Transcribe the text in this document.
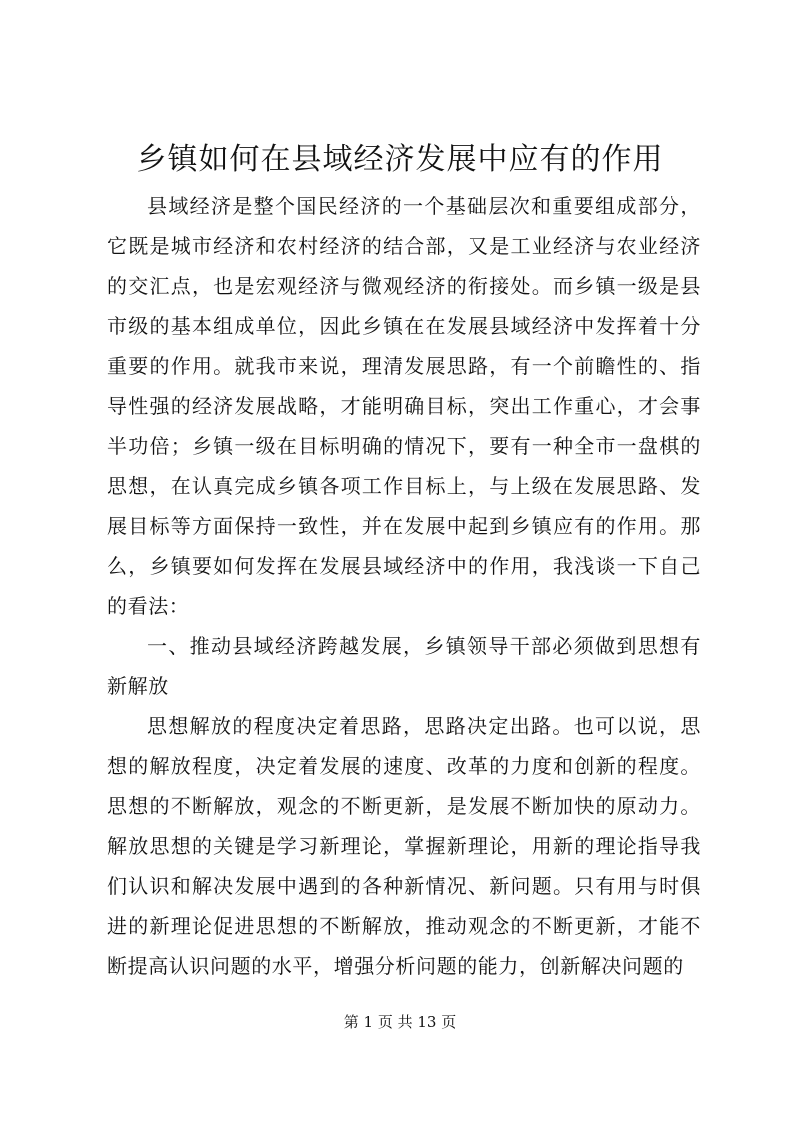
乡镇如何在县域经济发展中应有的作用

县域经济是整个国民经济的一个基础层次和重要组成部分，它既是城市经济和农村经济的结合部，又是工业经济与农业经济的交汇点，也是宏观经济与微观经济的衔接处。而乡镇一级是县市级的基本组成单位，因此乡镇在在发展县域经济中发挥着十分重要的作用。就我市来说，理清发展思路，有一个前瞻性的、指导性强的经济发展战略，才能明确目标，突出工作重心，才会事半功倍；乡镇一级在目标明确的情况下，要有一种全市一盘棋的思想，在认真完成乡镇各项工作目标上，与上级在发展思路、发展目标等方面保持一致性，并在发展中起到乡镇应有的作用。那么，乡镇要如何发挥在发展县域经济中的作用，我浅谈一下自己的看法：

一、推动县域经济跨越发展，乡镇领导干部必须做到思想有新解放

思想解放的程度决定着思路，思路决定出路。也可以说，思想的解放程度，决定着发展的速度、改革的力度和创新的程度。思想的不断解放，观念的不断更新，是发展不断加快的原动力。解放思想的关键是学习新理论，掌握新理论，用新的理论指导我们认识和解决发展中遇到的各种新情况、新问题。只有用与时俱进的新理论促进思想的不断解放，推动观念的不断更新，才能不断提高认识问题的水平，增强分析问题的能力，创新解决问题的

第 1 页 共 13 页
